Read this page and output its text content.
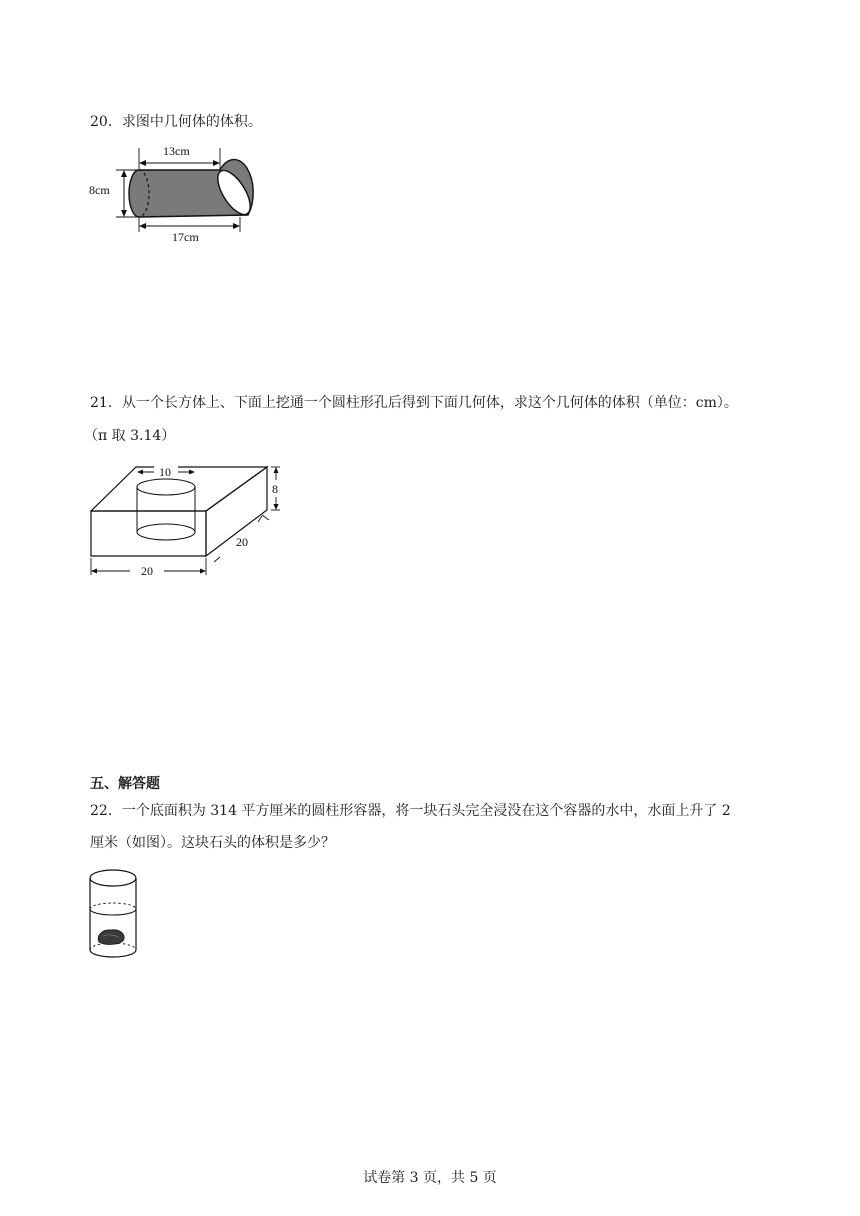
20．求图中几何体的体积。
13cm
8cm
17cm
21．从一个长方体上、下面上挖通一个圆柱形孔后得到下面几何体，求这个几何体的体积（单位：cm）。
（π 取 3.14）
10
8
20
20
五、解答题
22．一个底面积为 314 平方厘米的圆柱形容器，将一块石头完全浸没在这个容器的水中，水面上升了 2
厘米（如图）。这块石头的体积是多少？
试卷第 3 页，共 5 页
